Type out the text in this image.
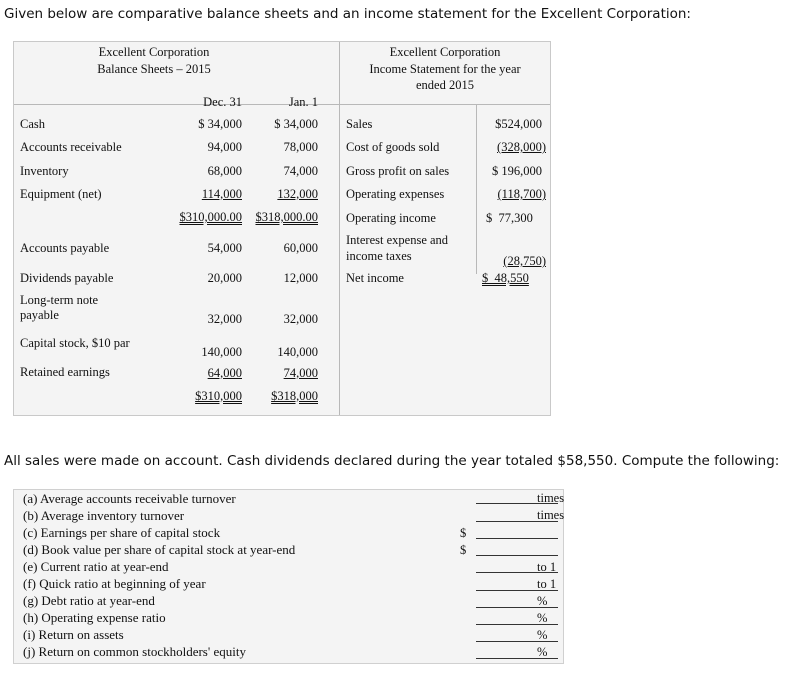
Given below are comparative balance sheets and an income statement for the Excellent Corporation:
Excellent Corporation
Balance Sheets – 2015
Dec. 31	Jan. 1
Cash	$ 34,000	$ 34,000
Accounts receivable	94,000	78,000
Inventory	68,000	74,000
Equipment (net)	114,000	132,000
$310,000.00	$318,000.00
Accounts payable	54,000	60,000
Dividends payable	20,000	12,000
Long-term note
payable	32,000	32,000
Capital stock, $10 par
140,000	140,000
Retained earnings	64,000	74,000
$310,000	$318,000
Excellent Corporation
Income Statement for the year
ended 2015
Sales	$524,000
Cost of goods sold	(328,000)
Gross profit on sales	$ 196,000
Operating expenses	(118,700)
Operating income	$  77,300
Interest expense and
income taxes	(28,750)
Net income	$  48,550
All sales were made on account. Cash dividends declared during the year totaled $58,550. Compute the following:
(a) Average accounts receivable turnover	times
(b) Average inventory turnover	times
(c) Earnings per share of capital stock	$
(d) Book value per share of capital stock at year-end	$
(e) Current ratio at year-end	to 1
(f) Quick ratio at beginning of year	to 1
(g) Debt ratio at year-end	%
(h) Operating expense ratio	%
(i) Return on assets	%
(j) Return on common stockholders' equity	%
